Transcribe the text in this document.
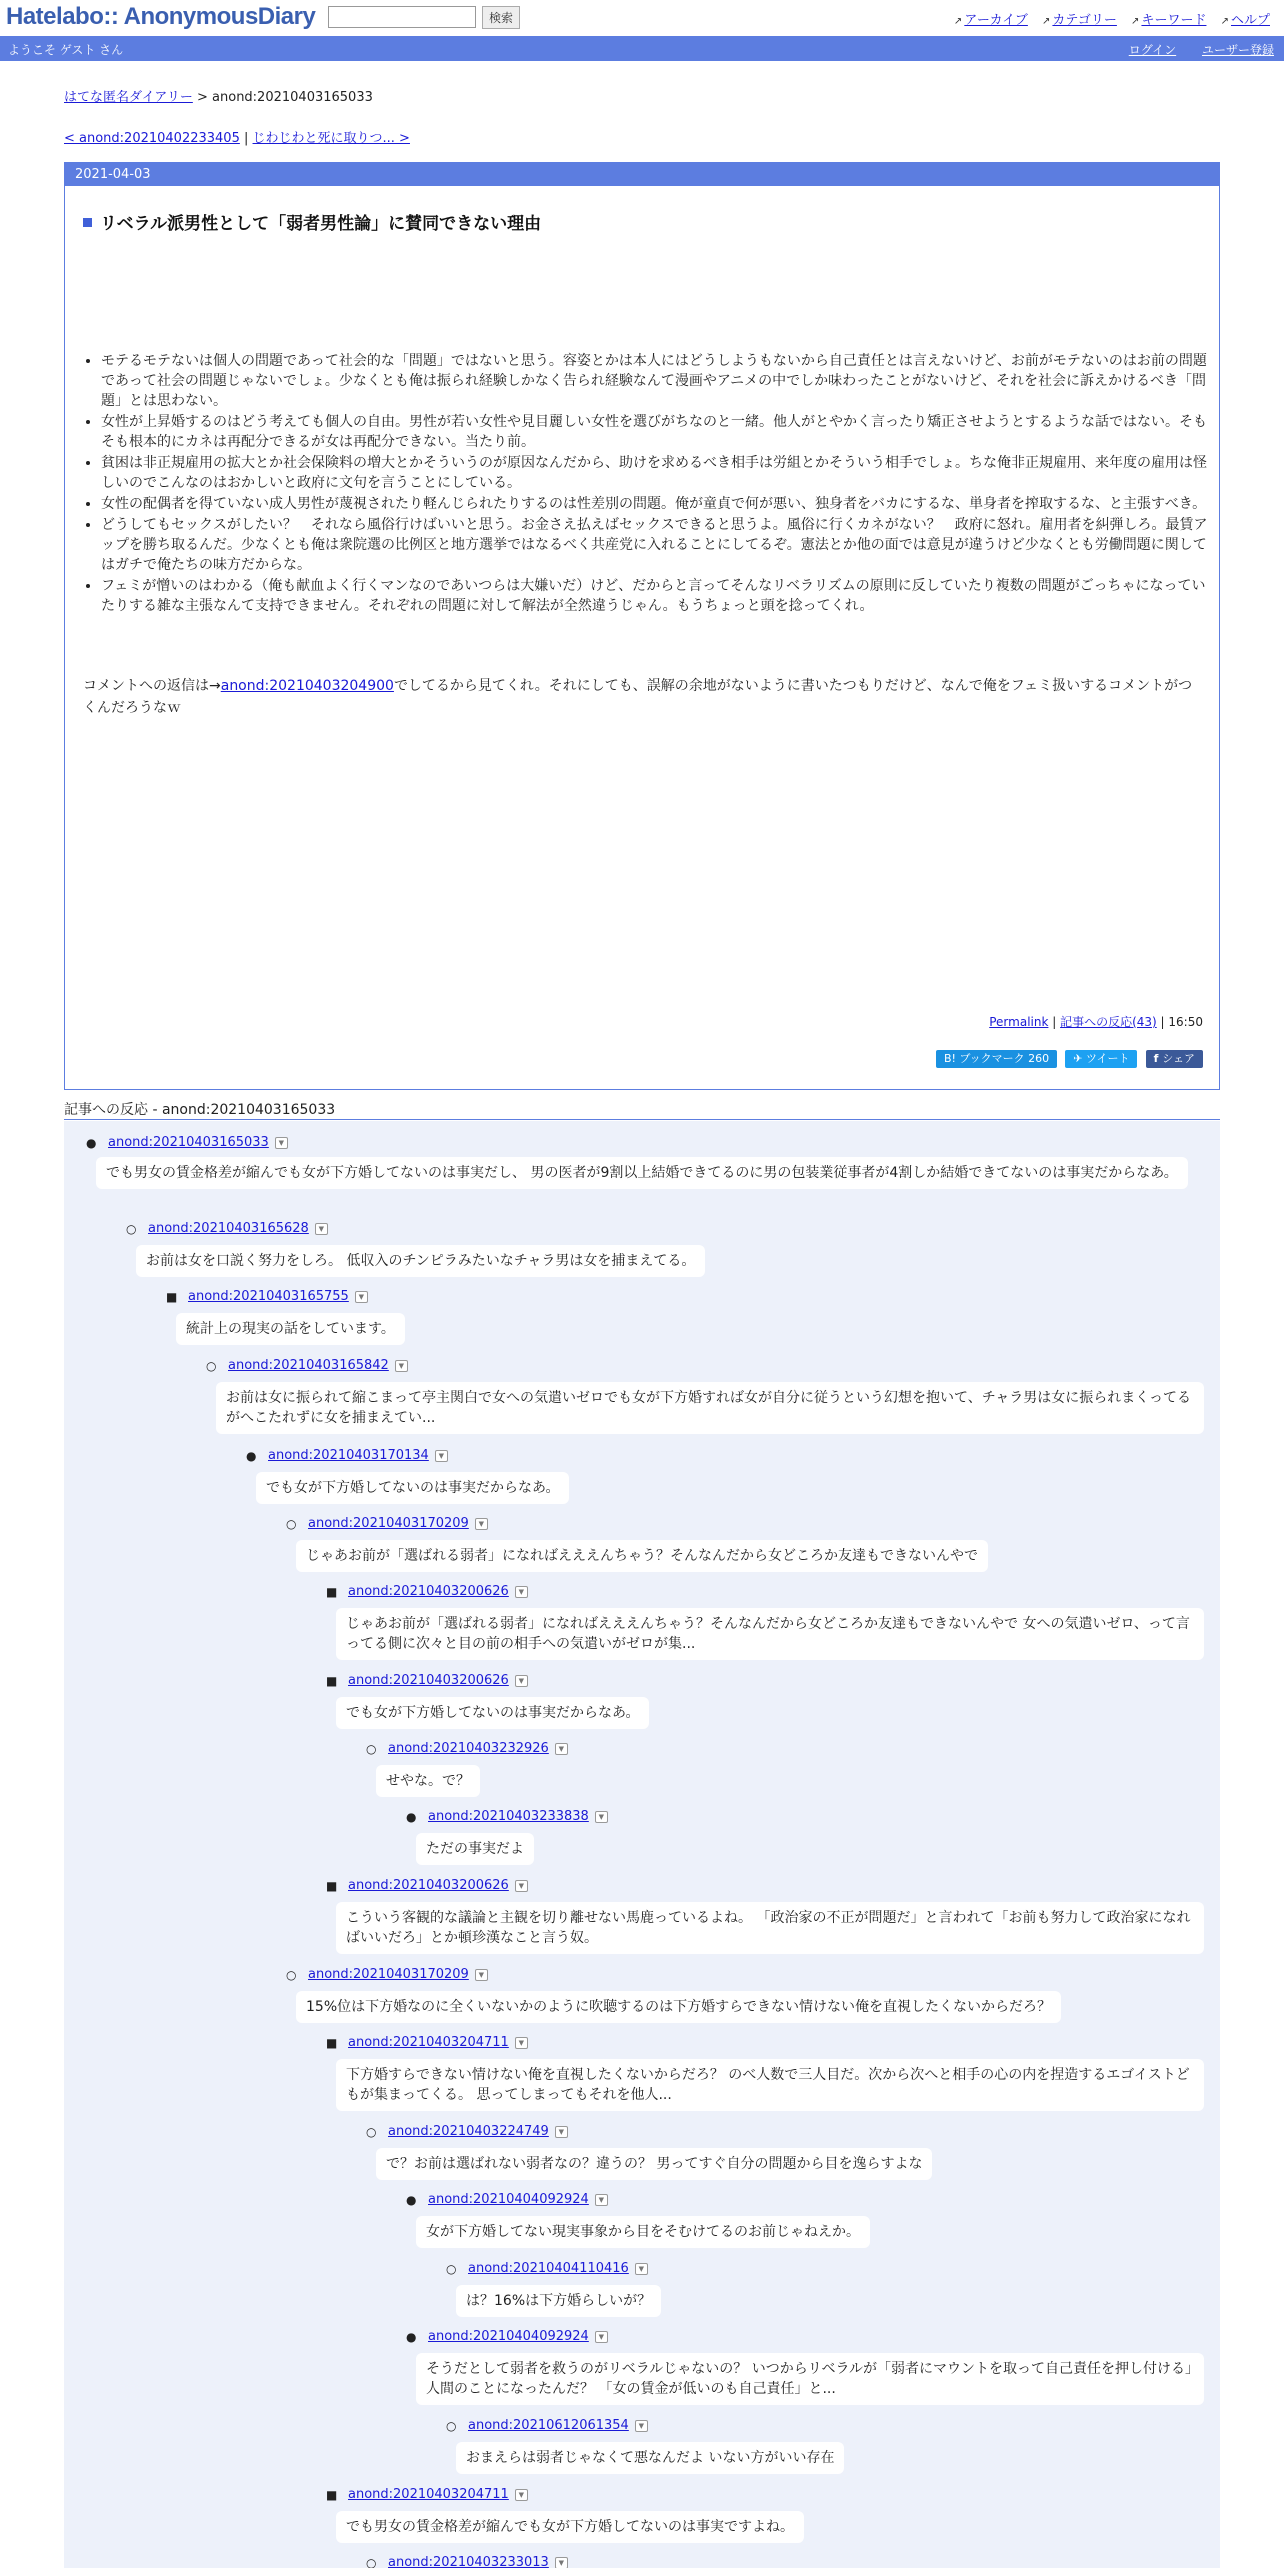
Hatelabo:: AnonymousDiary	検索	↗ アーカイブ ↗ カテゴリー ↗ キーワード ↗ ヘルプ
ようこそ ゲスト さん	ログイン ユーザー登録
はてな匿名ダイアリー > anond:20210403165033
< anond:20210402233405 | じわじわと死に取りつ... >
2021-04-03
リベラル派男性として「弱者男性論」に賛同できない理由
• モテるモテないは個人の問題であって社会的な「問題」ではないと思う。容姿とかは本人にはどうしようもないから自己責任とは言えないけど、お前がモテないのはお前の問題であって社会の問題じゃないでしょ。少なくとも俺は振られ経験しかなく告られ経験なんて漫画やアニメの中でしか味わったことがないけど、それを社会に訴えかけるべき「問題」とは思わない。
• 女性が上昇婚するのはどう考えても個人の自由。男性が若い女性や見目麗しい女性を選びがちなのと一緒。他人がとやかく言ったり矯正させようとするような話ではない。そもそも根本的にカネは再配分できるが女は再配分できない。当たり前。
• 貧困は非正規雇用の拡大とか社会保険料の増大とかそういうのが原因なんだから、助けを求めるべき相手は労組とかそういう相手でしょ。ちな俺非正規雇用、来年度の雇用は怪しいのでこんなのはおかしいと政府に文句を言うことにしている。
• 女性の配偶者を得ていない成人男性が蔑視されたり軽んじられたりするのは性差別の問題。俺が童貞で何が悪い、独身者をバカにするな、単身者を搾取するな、と主張すべき。
• どうしてもセックスがしたい？　それなら風俗行けばいいと思う。お金さえ払えばセックスできると思うよ。風俗に行くカネがない？　政府に怒れ。雇用者を糾弾しろ。最賃アップを勝ち取るんだ。少なくとも俺は衆院選の比例区と地方選挙ではなるべく共産党に入れることにしてるぞ。憲法とか他の面では意見が違うけど少なくとも労働問題に関してはガチで俺たちの味方だからな。
• フェミが憎いのはわかる（俺も献血よく行くマンなのであいつらは大嫌いだ）けど、だからと言ってそんなリベラリズムの原則に反していたり複数の問題がごっちゃになっていたりする雑な主張なんて支持できません。それぞれの問題に対して解法が全然違うじゃん。もうちょっと頭を捻ってくれ。
コメントへの返信は→anond:20210403204900でしてるから見てくれ。それにしても、誤解の余地がないように書いたつもりだけど、なんで俺をフェミ扱いするコメントがつくんだろうなｗ
Permalink | 記事への反応(43) | 16:50
B! ブックマーク 260 ✈ ツイート f シェア
記事への反応 - anond:20210403165033
● anond:20210403165033 ▼
でも男女の賃金格差が縮んでも女が下方婚してないのは事実だし、 男の医者が9割以上結婚できてるのに男の包装業従事者が4割しか結婚できてないのは事実だからなあ。
○ anond:20210403165628 ▼
お前は女を口説く努力をしろ。 低収入のチンピラみたいなチャラ男は女を捕まえてる。
■ anond:20210403165755 ▼
統計上の現実の話をしています。
○ anond:20210403165842 ▼
お前は女に振られて縮こまって亭主関白で女への気遣いゼロでも女が下方婚すれば女が自分に従うという幻想を抱いて、チャラ男は女に振られまくってるがへこたれずに女を捕まえてい...
● anond:20210403170134 ▼
でも女が下方婚してないのは事実だからなあ。
○ anond:20210403170209 ▼
じゃあお前が「選ばれる弱者」になればえええんちゃう？そんなんだから女どころか友達もできないんやで
■ anond:20210403200626 ▼
じゃあお前が「選ばれる弱者」になればえええんちゃう？そんなんだから女どころか友達もできないんやで 女への気遣いゼロ、って言ってる側に次々と目の前の相手への気遣いがゼロが集...
■ anond:20210403200626 ▼
でも女が下方婚してないのは事実だからなあ。
○ anond:20210403232926 ▼
せやな。で？
● anond:20210403233838 ▼
ただの事実だよ
■ anond:20210403200626 ▼
こういう客観的な議論と主観を切り離せない馬鹿っているよね。 「政治家の不正が問題だ」と言われて「お前も努力して政治家になればいいだろ」とか頓珍漢なこと言う奴。
○ anond:20210403170209 ▼
15%位は下方婚なのに全くいないかのように吹聴するのは下方婚すらできない情けない俺を直視したくないからだろ？
■ anond:20210403204711 ▼
下方婚すらできない情けない俺を直視したくないからだろ？ のべ人数で三人目だ。次から次へと相手の心の内を捏造するエゴイストどもが集まってくる。 思ってしまってもそれを他人...
○ anond:20210403224749 ▼
で？お前は選ばれない弱者なの？違うの？ 男ってすぐ自分の問題から目を逸らすよな
● anond:20210404092924 ▼
女が下方婚してない現実事象から目をそむけてるのお前じゃねえか。
○ anond:20210404110416 ▼
は？16%は下方婚らしいが？
● anond:20210404092924 ▼
そうだとして弱者を救うのがリベラルじゃないの？ いつからリベラルが「弱者にマウントを取って自己責任を押し付ける」人間のことになったんだ？ 「女の賃金が低いのも自己責任」と...
○ anond:20210612061354 ▼
おまえらは弱者じゃなくて悪なんだよ いない方がいい存在
■ anond:20210403204711 ▼
でも男女の賃金格差が縮んでも女が下方婚してないのは事実ですよね。
○ anond:20210403233013 ▼
